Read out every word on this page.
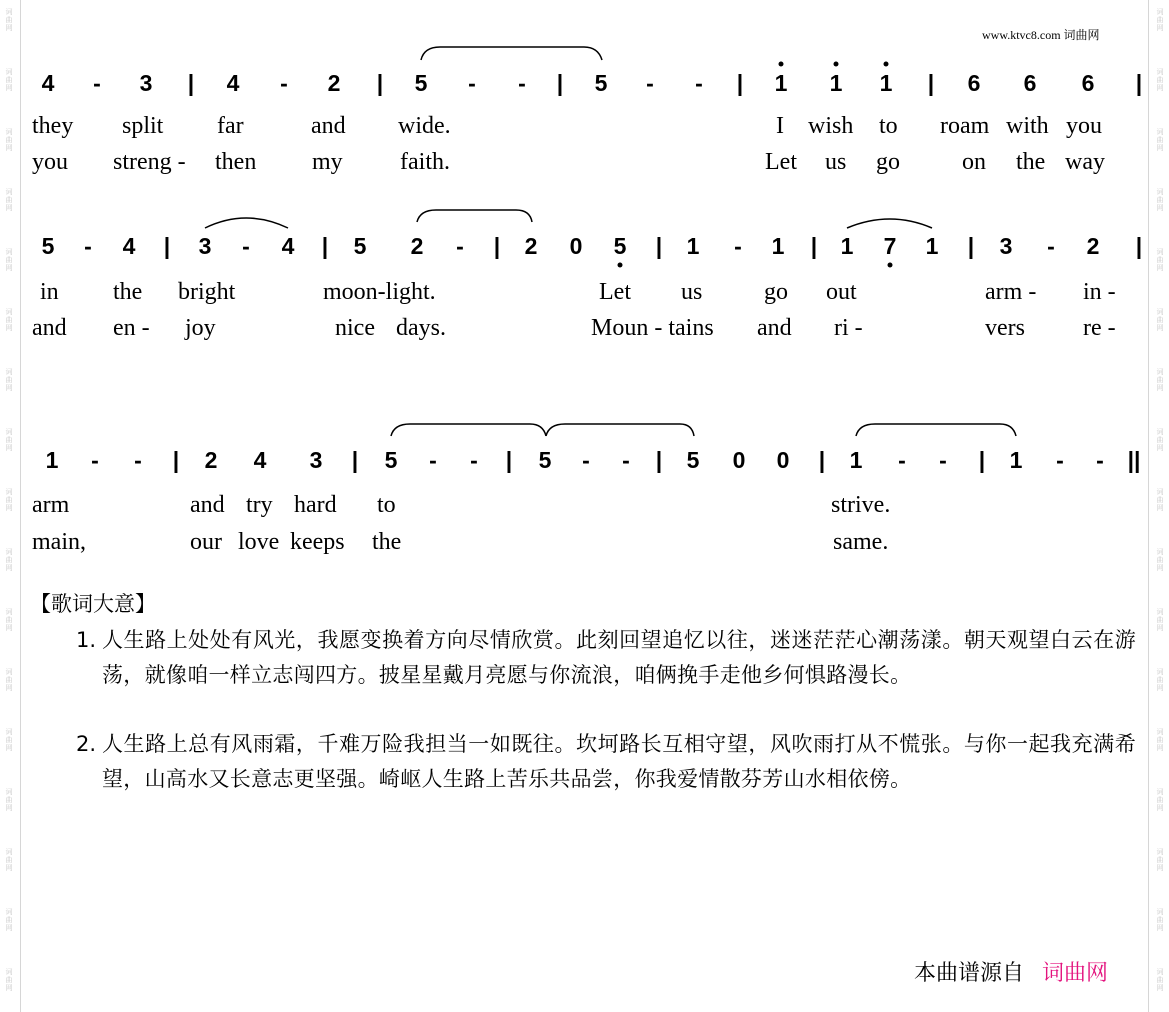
词
曲
网
词
曲
网
词
曲
网
词
曲
网
词
曲
网
词
曲
网
词
曲
网
词
曲
网
词
曲
网
词
曲
网
词
曲
网
词
曲
网
词
曲
网
词
曲
网
词
曲
网
词
曲
网
词
曲
网
词
曲
网
词
曲
网
词
曲
网
词
曲
网
词
曲
网
词
曲
网
词
曲
网
词
曲
网
词
曲
网
词
曲
网
词
曲
网
词
曲
网
词
曲
网
词
曲
网
词
曲
网
词
曲
网
词
曲
网
www.ktvc8.com 词曲网
4 - 3 | 4 - 2 | 5 - - | 5 - - | 1 1 1 | 6 6 6 |
they split far	and wide.	I wish to roam with you
you streng - then my faith.	Let us go	on the way
5 - 4 | 3 - 4 | 5 2 - | 2 0 5 | 1 - 1 | 1 7 1 | 3 - 2 |
in the bright	moon-light.	Let us	go out	arm - in -
and en - joy	nice days.	Moun - tains and ri -	vers re -
1 - - | 2 4 3 | 5 - - | 5 - - | 5 0 0 | 1 - - | 1 - - ||
arm	and try hard to	strive.
main,	our love keeps the	same.
【歌词大意】
1. 人生路上处处有风光，我愿变换着方向尽情欣赏。此刻回望追忆以往，迷迷茫茫心潮荡漾。朝天观望白云在游荡，就像咱一样立志闯四方。披星星戴月亮愿与你流浪，咱俩挽手走他乡何惧路漫长。
2. 人生路上总有风雨霜，千难万险我担当一如既往。坎坷路长互相守望，风吹雨打从不慌张。与你一起我充满希望，山高水又长意志更坚强。崎岖人生路上苦乐共品尝，你我爱情散芬芳山水相依傍。
本曲谱源自 词曲网
